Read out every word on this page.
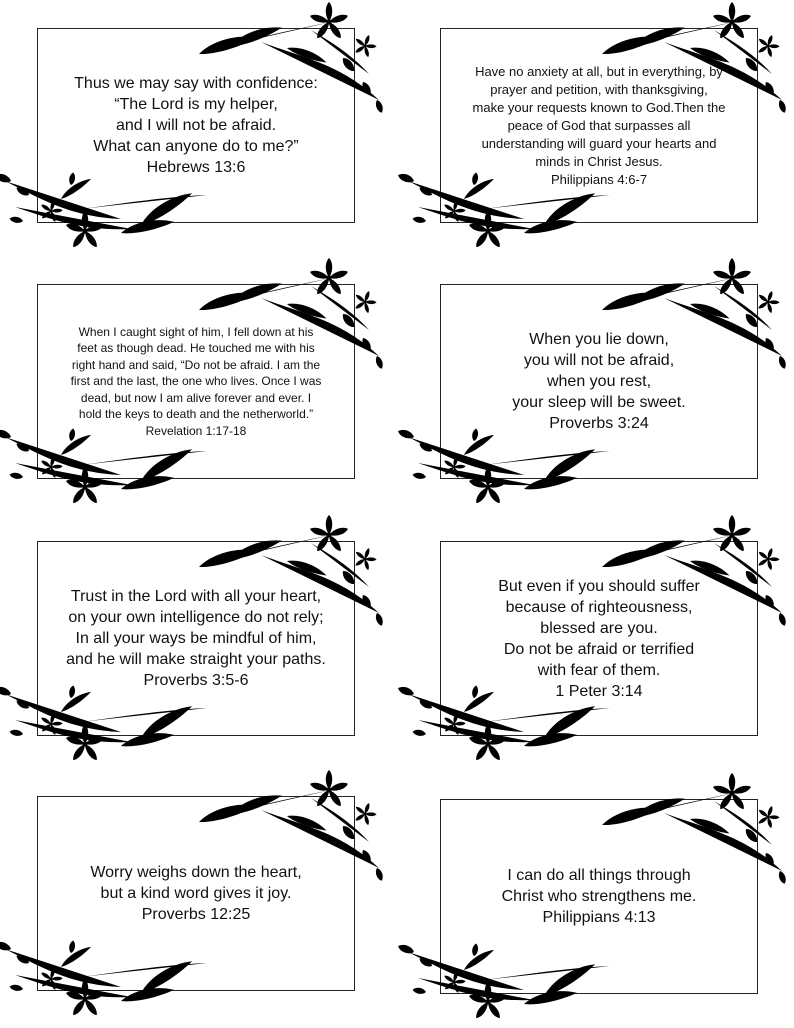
Thus we may say with confidence:
“The Lord is my helper,
and I will not be afraid.
What can anyone do to me?”
Hebrews 13:6
Have no anxiety at all, but in everything, by
prayer and petition, with thanksgiving,
make your requests known to God.Then the
peace of God that surpasses all
understanding will guard your hearts and
minds in Christ Jesus.
Philippians 4:6-7
When I caught sight of him, I fell down at his
feet as though dead. He touched me with his
right hand and said, “Do not be afraid. I am the
first and the last, the one who lives. Once I was
dead, but now I am alive forever and ever. I
hold the keys to death and the netherworld.”
Revelation 1:17-18
When you lie down,
you will not be afraid,
when you rest,
your sleep will be sweet.
Proverbs 3:24
Trust in the Lord with all your heart,
on your own intelligence do not rely;
In all your ways be mindful of him,
and he will make straight your paths.
Proverbs 3:5-6
But even if you should suffer
because of righteousness,
blessed are you.
Do not be afraid or terrified
with fear of them.
1 Peter 3:14
Worry weighs down the heart,
but a kind word gives it joy.
Proverbs 12:25
I can do all things through
Christ who strengthens me.
Philippians 4:13
